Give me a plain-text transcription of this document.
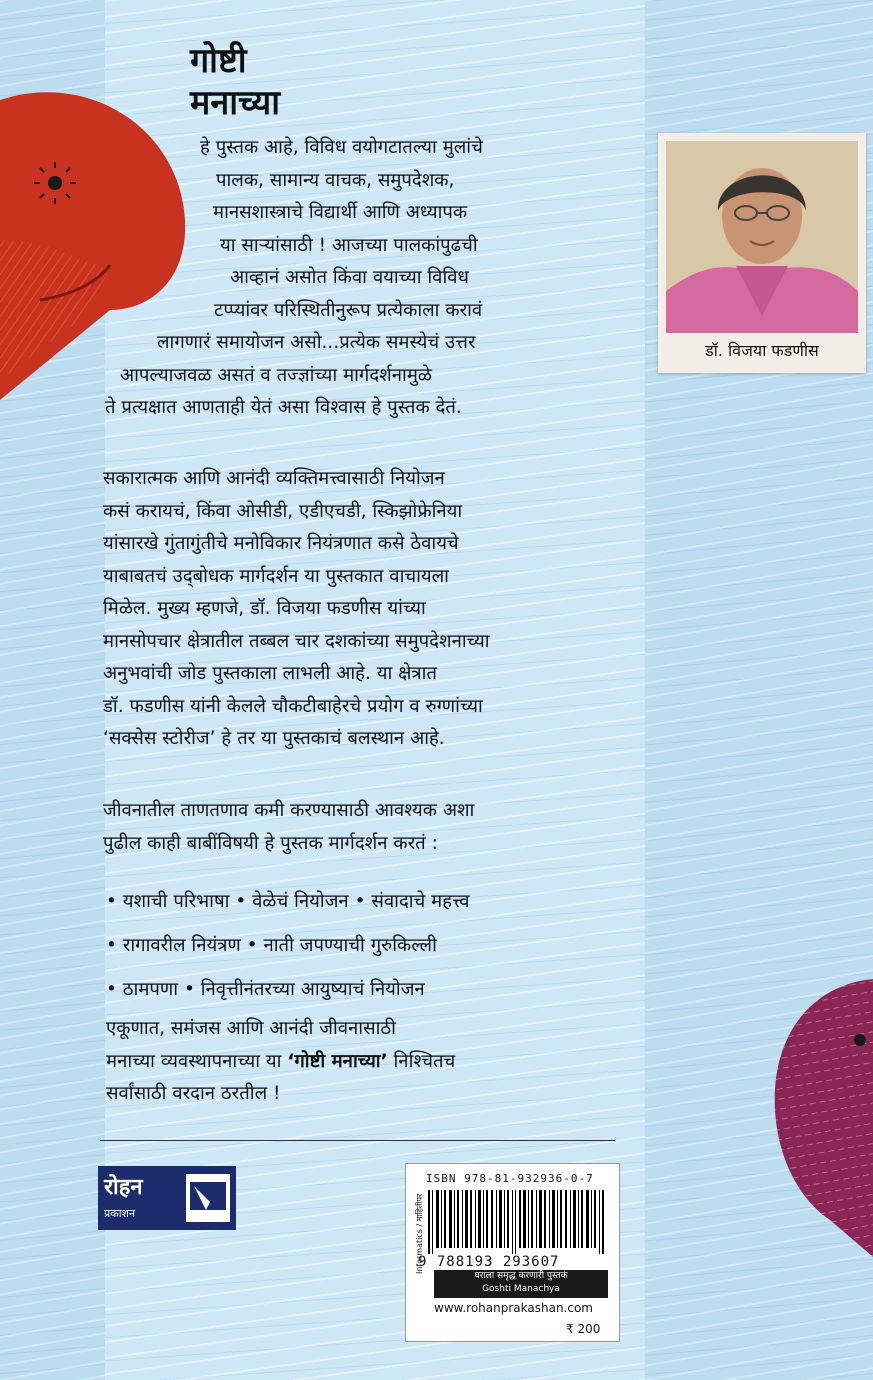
गोष्टी
मनाच्या
हे पुस्तक आहे, विविध वयोगटातल्या मुलांचे
पालक, सामान्य वाचक, समुपदेशक,
मानसशास्त्राचे विद्यार्थी आणि अध्यापक
या साऱ्यांसाठी ! आजच्या पालकांपुढची
आव्हानं असोत किंवा वयाच्या विविध
टप्प्यांवर परिस्थितीनुरूप प्रत्येकाला करावं
लागणारं समायोजन असो...प्रत्येक समस्येचं उत्तर
आपल्याजवळ असतं व तज्ज्ञांच्या मार्गदर्शनामुळे
ते प्रत्यक्षात आणताही येतं असा विश्वास हे पुस्तक देतं.
सकारात्मक आणि आनंदी व्यक्तिमत्त्वासाठी नियोजन
कसं करायचं, किंवा ओसीडी, एडीएचडी, स्किझोफ्रेनिया
यांसारखे गुंतागुंतीचे मनोविकार नियंत्रणात कसे ठेवायचे
याबाबतचं उद्‌बोधक मार्गदर्शन या पुस्तकात वाचायला
मिळेल. मुख्य म्हणजे, डॉ. विजया फडणीस यांच्या
मानसोपचार क्षेत्रातील तब्बल चार दशकांच्या समुपदेशनाच्या
अनुभवांची जोड पुस्तकाला लाभली आहे. या क्षेत्रात
डॉ. फडणीस यांनी केलले चौकटीबाहेरचे प्रयोग व रुग्णांच्या
‘सक्सेस स्टोरीज’ हे तर या पुस्तकाचं बलस्थान आहे.
जीवनातील ताणतणाव कमी करण्यासाठी आवश्यक अशा
पुढील काही बाबींविषयी हे पुस्तक मार्गदर्शन करतं :
• यशाची परिभाषा • वेळेचं नियोजन • संवादाचे महत्त्व
• रागावरील नियंत्रण • नाती जपण्याची गुरुकिल्ली
• ठामपणा • निवृत्तीनंतरच्या आयुष्याचं नियोजन
एकूणात, समंजस आणि आनंदी जीवनासाठी
मनाच्या व्यवस्थापनाच्या या ‘गोष्टी मनाच्या’ निश्चितच
सर्वांसाठी वरदान ठरतील !
डॉ. विजया फडणीस
रोहन
प्रकाशन	Informatics / माहितीपर
ISBN 978-81-932936-0-7
9 788193 293607
घराला समृद्ध करणारी पुस्तकं
Goshti Manachya
www.rohanprakashan.com
₹ 200
